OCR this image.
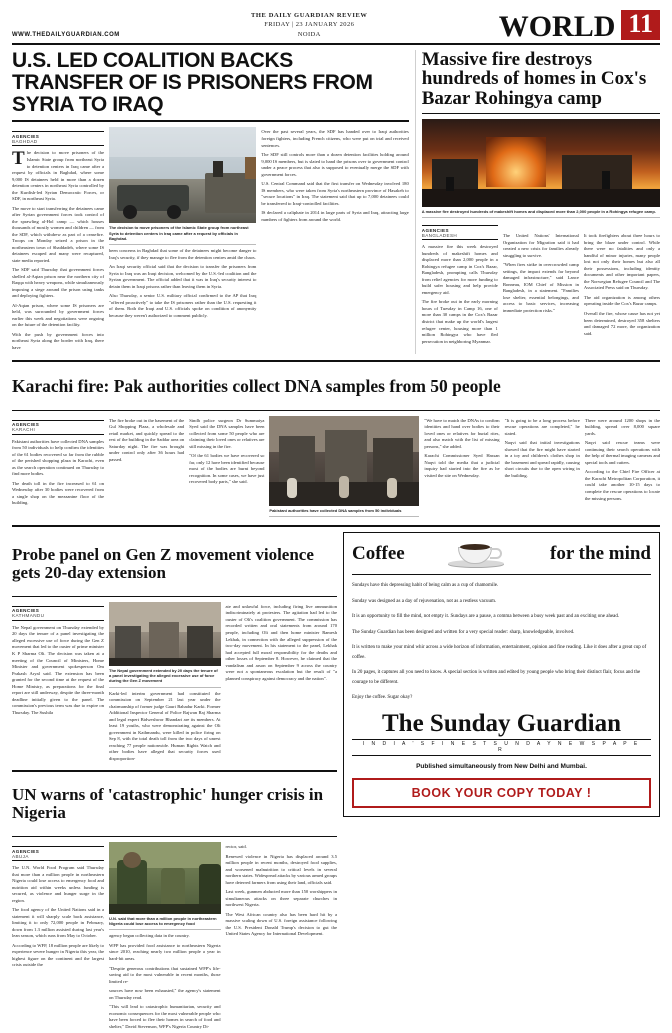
WWW.THEDAILYGUARDIAN.COM
THE DAILY GUARDIAN REVIEW
FRIDAY | 23 JANUARY 2026
NOIDA	WORLD 11
U.S. LED COALITION BACKS TRANSFER OF IS PRISONERS FROM SYRIA TO IRAQ
AGENCIES
BAGHDAD

The decision to move prisoners of the Islamic State group from northeast Syria to detention centers in Iraq came after a request by officials in Baghdad, where some 9,000 IS detainees held in more than a dozen detention centers in northeast Syria controlled by the Kurdish-led Syrian Democratic Forces, or SDF, in northeast Syria.

The move to start transferring the detainees came after Syrian government forces took control of the sprawling al-Hol camp — which houses thousands of mostly women and children — from the SDF, which withdrew as part of a ceasefire. Troops on Monday seized a prison in the northeastern town of Shaddadeh, where some IS detainees escaped and many were recaptured, state media reported.

The SDF said Thursday that government forces shelled al-Aqtan prison near the northern city of Raqqa with heavy weapons, while simultaneously imposing a siege around the prison using tanks and deploying fighters.

Al-Aqtan prison, where some IS prisoners are held, was surrounded by government forces earlier this week and negotiations were ongoing on the future of the detention facility.

With the push by government forces into northeast Syria along the border with Iraq, there have

The decision to move prisoners of the Islamic State group from northeast Syria to detention centers in Iraq came after a request by officials in Baghdad.

been concerns in Baghdad that some of the detainees might become danger to Iraq's security, if they manage to flee from the detention centres amid the chaos.

An Iraqi security official said that the decision to transfer the prisoners from Syria to Iraq was an Iraqi decision, welcomed by the U.S.-led coalition and the Syrian government. The official added that it was in Iraq's security interest to detain them in Iraqi prisons rather than leaving them in Syria.

Also Thursday, a senior U.S. military official confirmed to the AP that Iraq "offered proactively" to take the IS prisoners rather than the U.S. requesting it of them. Both the Iraqi and U.S. officials spoke on condition of anonymity because they weren't authorized to comment publicly.

Over the past several years, the SDF has handed over to Iraqi authorities foreign fighters, including French citizens, who were put on trial and received sentences.

The SDF still controls more than a dozen detention facilities holding around 9,000 IS members, but is slated to hand the prisons over to government control under a peace process that also is supposed to eventually merge the SDF with government forces.

U.S. Central Command said that the first transfer on Wednesday involved 180 IS members, who were taken from Syria's northeastern province of Hasakeh to "secure locations" in Iraq. The statement said that up to 7,000 detainees could be transferred to Iraqi-controlled facilities.

IS declared a caliphate in 2014 in large parts of Syria and Iraq, attracting large numbers of fighters from around the world.

Massive fire destroys hundreds of homes in Cox's Bazar Rohingya camp
A massive fire destroyed hundreds of makeshift homes and displaced more than 2,000 people in a Rohingya refugee camp.
AGENCIES
BANGLADESH

A massive fire this week destroyed hundreds of makeshift homes and displaced more than 2,000 people in a Rohingya refugee camp in Cox's Bazar, Bangladesh, prompting calls Thursday from relief agencies for more funding to build safer housing and help provide emergency aid.

The fire broke out in the early morning hours of Tuesday in Camp 16, one of more than 30 camps in the Cox's Bazar district that make up the world's largest refugee center, housing more than 1 million Rohingya who have fled persecution in neighboring Myanmar.

The United Nations' International Organization for Migration said it had created a new crisis for families already struggling to survive.

"When fires strike in overcrowded camp settings, the impact extends far beyond damaged infrastructure," said Lance Bonneau, IOM Chief of Mission in Bangladesh, in a statement. "Families lose shelter, essential belongings, and access to basic services, increasing immediate protection risks."

It took firefighters about three hours to bring the blaze under control. While there were no fatalities and only a handful of minor injuries, many people lost not only their homes but also all their possessions, including identity documents and other important papers, the Norwegian Refugee Council and The Associated Press said on Thursday.

The aid organization is among others operating inside the Cox's Bazar camps.

Overall the fire, whose cause has not yet been determined, destroyed 358 shelters and damaged 72 more, the organization said.

Karachi fire: Pak authorities collect DNA samples from 50 people
AGENCIES
KARACHI

Pakistani authorities have collected DNA samples from 50 individuals to help confirm the identities of the 61 bodies recovered so far from the rubble of the perished shopping plaza in Karachi, even as the search operation continued on Thursday to find more bodies.

The death toll in the fire increased to 61 on Wednesday after 30 bodies were recovered from a single shop on the mezzanine floor of the building.

The fire broke out in the basement of the Gul Shopping Plaza, a wholesale and retail market, and quickly spread to the rest of the building in the Saddar area on Saturday night. The fire was brought under control only after 36 hours had passed.

Sindh police surgeon Dr Summaiya Syed said the DNA samples have been collected from some 50 people who are claiming their loved ones or relatives are still missing in the fire.

"Of the 61 bodies we have recovered so far, only 12 have been identified because most of the bodies are burnt beyond recognition. In some cases, we have just recovered body parts," she said.

Pakistani authorities have collected DNA samples from 50 individuals

"We have to match the DNAs to confirm identities and hand over bodies to their loved ones or relatives for burial rites, and also match with the list of missing persons," she added.

Karachi Commissioner Syed Hassan Naqvi told the media that a judicial inquiry had started into the fire as he visited the site on Wednesday.

"It is going to be a long process before rescue operations are completed," he stated.

Naqvi said that initial investigations showed that the fire might have started in a toy and children's clothes shop in the basement and spread rapidly, causing short circuits due to the open wiring in the building.

There were around 1200 shops in the building, spread over 8,000 square yards.

Naqvi said rescue teams were continuing their search operations with the help of thermal imaging cameras and special tools and cutters.

According to the Chief Fire Officer at the Karachi Metropolitan Corporation, it could take another 10-15 days to complete the rescue operations to locate the missing persons.

Probe panel on Gen Z movement violence gets 20-day extension
AGENCIES
KATHMANDU

The Nepal government on Thursday extended by 20 days the tenure of a panel investigating the alleged excessive use of force during the Gen Z movement that led to the ouster of prime minister K P Sharma Oli. The decision was taken at a meeting of the Council of Ministers, Home Minister and government spokesperson Om Prakash Aryal said. The extension has been granted for the second time at the request of the Home Ministry, as preparations for the final report are still underway, despite the three-month deadline initially given to the panel. The commission's previous term was due to expire on Thursday. The Sushila

The Nepal government extended by 20 days the tenure of a panel investigating the alleged excessive use of force during the Gen Z movement

Karki-led interim government had constituted the commission on September 21 last year under the chairmanship of former judge Gauri Bahadur Karki. Former Additional Inspector General of Police Rajwan Raj Sharma and legal expert Bidweshwor Bhandari are its members. At least 19 youths, who were demonstrating against the Oli government in Kathmandu, were killed in police firing on Sep 8, with the total death toll from the two days of unrest reaching 77 people nationwide. Human Rights Watch and other bodies have alleged that security forces used disproportion-

ate and unlawful force, including firing live ammunition indiscriminately at protesters. The agitation had led to the ouster of Oli's coalition government. The commission has recorded written and oral statements from around 170 people, including Oli and then home minister Ramesh Lekhak, in connection with the alleged suppression of the two-day movement. In his statement to the panel, Lekhak had accepted full moral responsibility for the deaths and other losses of September 8. However, he claimed that the vandalism and arson on September 9 across the country were not a spontaneous escalation but the result of "a planned conspiracy against democracy and the nation".

UN warns of 'catastrophic' hunger crisis in Nigeria
AGENCIES
ABUJA

The U.N. World Food Program said Thursday that more than a million people in northeastern Nigeria could lose access to emergency food and nutrition aid within weeks unless funding is secured, as violence and hunger surge in the region.

The food agency of the United Nations said in a statement it will sharply scale back assistance, limiting it to only 72,000 people in February, down from 1.3 million assisted during last year's lean season, which runs from May to October.

According to WFP, 18 million people are likely to experience severe hunger in Nigeria this year, the highest figure on the continent and the largest crisis outside the

U.N. said that more than a million people in northeastern Nigeria could lose access to emergency food

agency began collecting data in the country.

WFP has provided food assistance to northeastern Nigeria since 2010, reaching nearly two million people a year in hard-hit areas.

"Despite generous contributions that sustained WFP's life-saving aid to the most vulnerable in recent months, those limited re-

sources have now been exhausted," the agency's statement on Thursday read.

"This will lead to catastrophic humanitarian, security and economic consequences for the most vulnerable people who have been forced to flee their homes in search of food and shelter," David Stevenson, WFP's Nigeria Country Di-

rector, said.

Renewed violence in Nigeria has displaced around 3.5 million people in recent months, destroyed food supplies, and worsened malnutrition to critical levels in several northern states. Widespread attacks by various armed groups have deterred farmers from using their land, officials said.

Last week, gunmen abducted more than 150 worshippers in simultaneous attacks on three separate churches in northwest Nigeria.

The West African country also has been hard hit by a massive scaling down of U.S. foreign assistance following the U.S. President Donald Trump's decision to gut the United States Agency for International Development.

Coffee	for the mind

Sundays have this depressing habit of being calm as a cup of chamomile.

Sunday was designed as a day of rejuvenation, not as a restless vacuum.

It is an opportunity to fill the mind, not empty it. Sundays are a pause, a comma between a busy week past and an exciting one ahead.

The Sunday Guardian has been designed and written for a very special reader: sharp, knowledgeable, involved.

It is written to make your mind whir across a wide horizon of information, entertainment, opinion and fine reading. Like it does after a great cup of coffee.

In 20 pages, it captures all you need to know. A special section is written and edited by young people who bring their distinct flair, focus and the courage to be different.

Enjoy the coffee. Sugar okay?

The Sunday Guardian
I N D I A ' S F I N E S T S U N D A Y N E W S P A P E R
Published simultaneously from New Delhi and Mumbai.
BOOK YOUR COPY TODAY !
